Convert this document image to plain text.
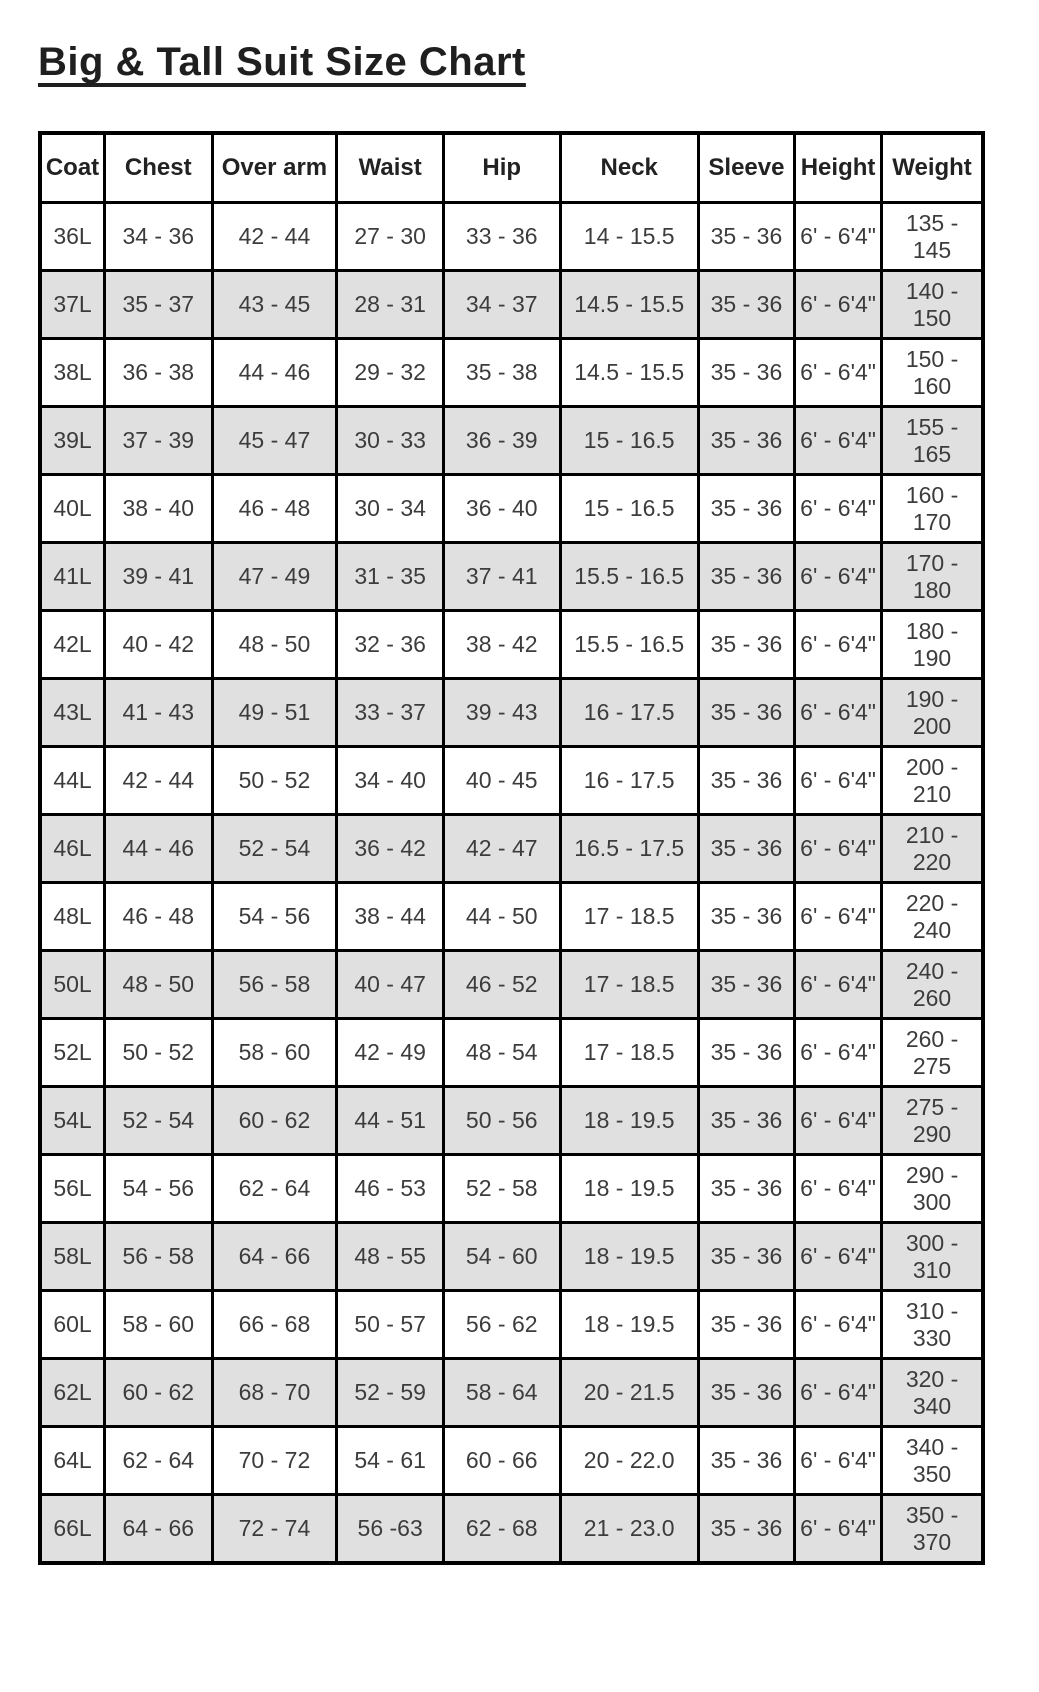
Big & Tall Suit Size Chart
Coat	Chest	Over arm	Waist	Hip	Neck	Sleeve	Height	Weight
36L	34 - 36	42 - 44	27 - 30	33 - 36	14 - 15.5	35 - 36	6' - 6'4"	135 - 145
37L	35 - 37	43 - 45	28 - 31	34 - 37	14.5 - 15.5	35 - 36	6' - 6'4"	140 - 150
38L	36 - 38	44 - 46	29 - 32	35 - 38	14.5 - 15.5	35 - 36	6' - 6'4"	150 - 160
39L	37 - 39	45 - 47	30 - 33	36 - 39	15 - 16.5	35 - 36	6' - 6'4"	155 - 165
40L	38 - 40	46 - 48	30 - 34	36 - 40	15 - 16.5	35 - 36	6' - 6'4"	160 - 170
41L	39 - 41	47 - 49	31 - 35	37 - 41	15.5 - 16.5	35 - 36	6' - 6'4"	170 - 180
42L	40 - 42	48 - 50	32 - 36	38 - 42	15.5 - 16.5	35 - 36	6' - 6'4"	180 - 190
43L	41 - 43	49 - 51	33 - 37	39 - 43	16 - 17.5	35 - 36	6' - 6'4"	190 - 200
44L	42 - 44	50 - 52	34 - 40	40 - 45	16 - 17.5	35 - 36	6' - 6'4"	200 - 210
46L	44 - 46	52 - 54	36 - 42	42 - 47	16.5 - 17.5	35 - 36	6' - 6'4"	210 - 220
48L	46 - 48	54 - 56	38 - 44	44 - 50	17 - 18.5	35 - 36	6' - 6'4"	220 - 240
50L	48 - 50	56 - 58	40 - 47	46 - 52	17 - 18.5	35 - 36	6' - 6'4"	240 - 260
52L	50 - 52	58 - 60	42 - 49	48 - 54	17 - 18.5	35 - 36	6' - 6'4"	260 - 275
54L	52 - 54	60 - 62	44 - 51	50 - 56	18 - 19.5	35 - 36	6' - 6'4"	275 - 290
56L	54 - 56	62 - 64	46 - 53	52 - 58	18 - 19.5	35 - 36	6' - 6'4"	290 - 300
58L	56 - 58	64 - 66	48 - 55	54 - 60	18 - 19.5	35 - 36	6' - 6'4"	300 - 310
60L	58 - 60	66 - 68	50 - 57	56 - 62	18 - 19.5	35 - 36	6' - 6'4"	310 - 330
62L	60 - 62	68 - 70	52 - 59	58 - 64	20 - 21.5	35 - 36	6' - 6'4"	320 - 340
64L	62 - 64	70 - 72	54 - 61	60 - 66	20 - 22.0	35 - 36	6' - 6'4"	340 - 350
66L	64 - 66	72 - 74	56 -63	62 - 68	21 - 23.0	35 - 36	6' - 6'4"	350 - 370
